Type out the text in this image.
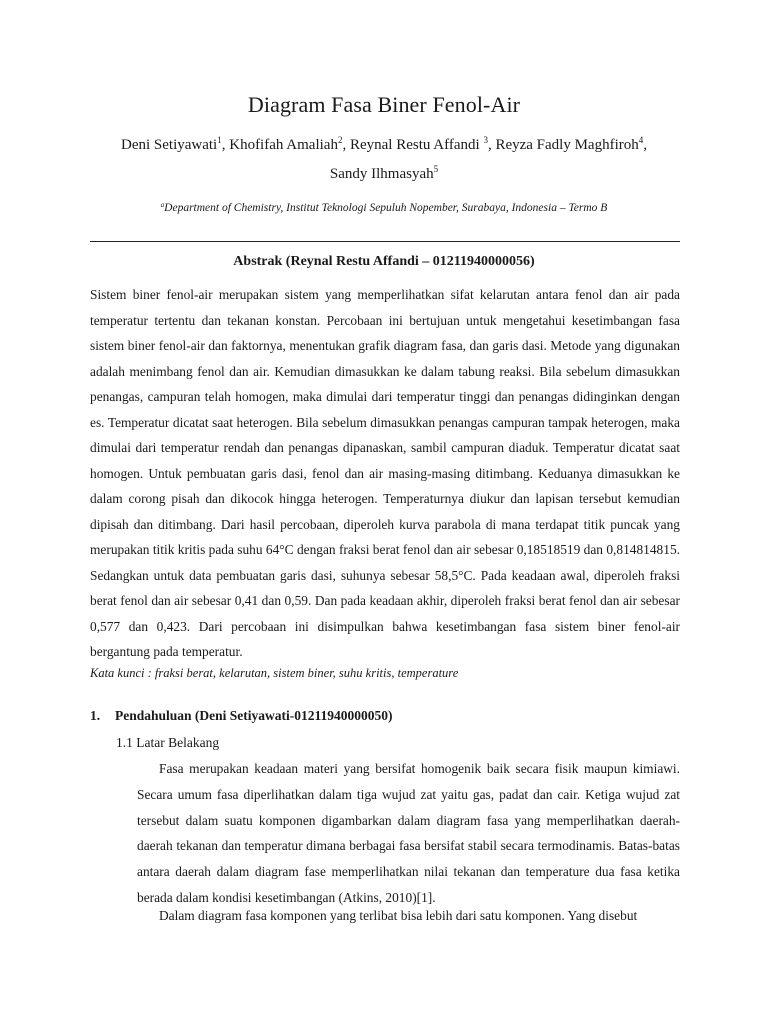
Diagram Fasa Biner Fenol-Air
Deni Setiyawati$^1$, Khofifah Amaliah$^2$, Reynal Restu Affandi $^3$, Reyza Fadly Maghfiroh$^4$,
Sandy Ilhmasyah$^5$
$^a$Department of Chemistry, Institut Teknologi Sepuluh Nopember, Surabaya, Indonesia – Termo B
Abstrak (Reynal Restu Affandi – 01211940000056)

Sistem biner fenol-air merupakan sistem yang memperlihatkan sifat kelarutan antara fenol dan air pada temperatur tertentu dan tekanan konstan. Percobaan ini bertujuan untuk mengetahui kesetimbangan fasa sistem biner fenol-air dan faktornya, menentukan grafik diagram fasa, dan garis dasi. Metode yang digunakan adalah menimbang fenol dan air. Kemudian dimasukkan ke dalam tabung reaksi. Bila sebelum dimasukkan penangas, campuran telah homogen, maka dimulai dari temperatur tinggi dan penangas didinginkan dengan es. Temperatur dicatat saat heterogen. Bila sebelum dimasukkan penangas campuran tampak heterogen, maka dimulai dari temperatur rendah dan penangas dipanaskan, sambil campuran diaduk. Temperatur dicatat saat homogen. Untuk pembuatan garis dasi, fenol dan air masing-masing ditimbang. Keduanya dimasukkan ke dalam corong pisah dan dikocok hingga heterogen. Temperaturnya diukur dan lapisan tersebut kemudian dipisah dan ditimbang. Dari hasil percobaan, diperoleh kurva parabola di mana terdapat titik puncak yang merupakan titik kritis pada suhu 64°C dengan fraksi berat fenol dan air sebesar 0,18518519 dan 0,814814815. Sedangkan untuk data pembuatan garis dasi, suhunya sebesar 58,5°C. Pada keadaan awal, diperoleh fraksi berat fenol dan air sebesar 0,41 dan 0,59. Dan pada keadaan akhir, diperoleh fraksi berat fenol dan air sebesar 0,577 dan 0,423. Dari percobaan ini disimpulkan bahwa kesetimbangan fasa sistem biner fenol-air bergantung pada temperatur.

Kata kunci : fraksi berat, kelarutan, sistem biner, suhu kritis, temperature
1. Pendahuluan (Deni Setiyawati-01211940000050)
1.1 Latar Belakang

Fasa merupakan keadaan materi yang bersifat homogenik baik secara fisik maupun kimiawi. Secara umum fasa diperlihatkan dalam tiga wujud zat yaitu gas, padat dan cair. Ketiga wujud zat tersebut dalam suatu komponen digambarkan dalam diagram fasa yang memperlihatkan daerah-daerah tekanan dan temperatur dimana berbagai fasa bersifat stabil secara termodinamis. Batas-batas antara daerah dalam diagram fase memperlihatkan nilai tekanan dan temperature dua fasa ketika berada dalam kondisi kesetimbangan (Atkins, 2010)[1].

Dalam diagram fasa komponen yang terlibat bisa lebih dari satu komponen. Yang disebut
